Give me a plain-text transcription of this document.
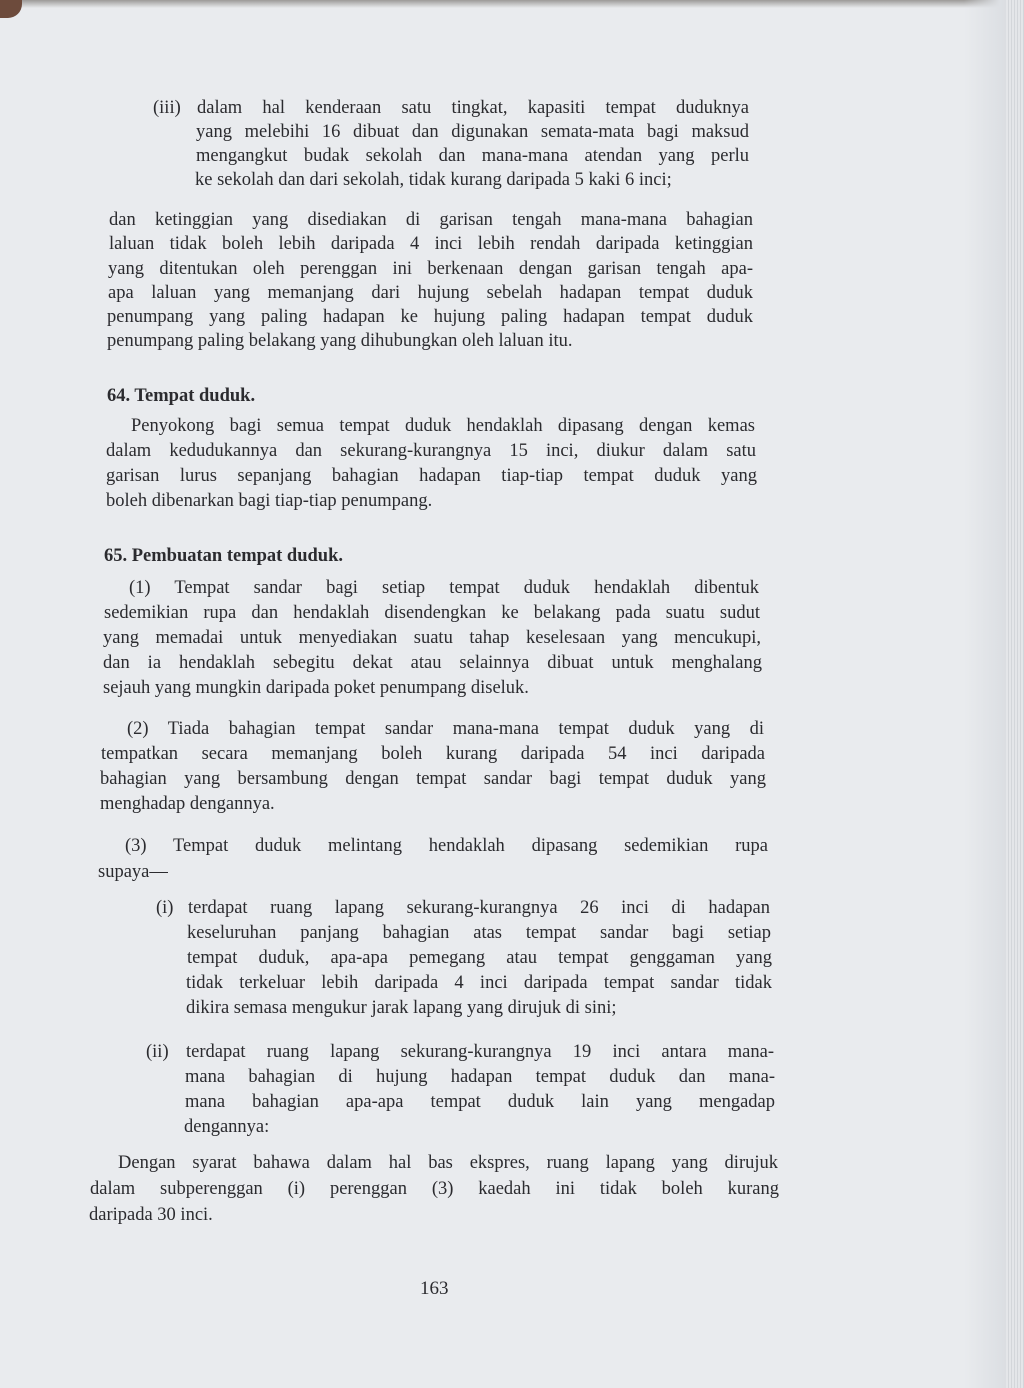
(iii) dalam hal kenderaan satu tingkat, kapasiti tempat duduknya
yang melebihi 16 dibuat dan digunakan semata-mata bagi maksud
mengangkut budak sekolah dan mana-mana atendan yang perlu
ke sekolah dan dari sekolah, tidak kurang daripada 5 kaki 6 inci;
dan ketinggian yang disediakan di garisan tengah mana-mana bahagian
laluan tidak boleh lebih daripada 4 inci lebih rendah daripada ketinggian
yang ditentukan oleh perenggan ini berkenaan dengan garisan tengah apa-
apa laluan yang memanjang dari hujung sebelah hadapan tempat duduk
penumpang yang paling hadapan ke hujung paling hadapan tempat duduk
penumpang paling belakang yang dihubungkan oleh laluan itu.
64. Tempat duduk.
Penyokong bagi semua tempat duduk hendaklah dipasang dengan kemas
dalam kedudukannya dan sekurang-kurangnya 15 inci, diukur dalam satu
garisan lurus sepanjang bahagian hadapan tiap-tiap tempat duduk yang
boleh dibenarkan bagi tiap-tiap penumpang.
65. Pembuatan tempat duduk.
(1) Tempat sandar bagi setiap tempat duduk hendaklah dibentuk
sedemikian rupa dan hendaklah disendengkan ke belakang pada suatu sudut
yang memadai untuk menyediakan suatu tahap keselesaan yang mencukupi,
dan ia hendaklah sebegitu dekat atau selainnya dibuat untuk menghalang
sejauh yang mungkin daripada poket penumpang diseluk.
(2) Tiada bahagian tempat sandar mana-mana tempat duduk yang di
tempatkan secara memanjang boleh kurang daripada 54 inci daripada
bahagian yang bersambung dengan tempat sandar bagi tempat duduk yang
menghadap dengannya.
(3) Tempat duduk melintang hendaklah dipasang sedemikian rupa
supaya—
(i) terdapat ruang lapang sekurang-kurangnya 26 inci di hadapan
keseluruhan panjang bahagian atas tempat sandar bagi setiap
tempat duduk, apa-apa pemegang atau tempat genggaman yang
tidak terkeluar lebih daripada 4 inci daripada tempat sandar tidak
dikira semasa mengukur jarak lapang yang dirujuk di sini;
(ii) terdapat ruang lapang sekurang-kurangnya 19 inci antara mana-
mana bahagian di hujung hadapan tempat duduk dan mana-
mana bahagian apa-apa tempat duduk lain yang mengadap
dengannya:
Dengan syarat bahawa dalam hal bas ekspres, ruang lapang yang dirujuk
dalam subperenggan (i) perenggan (3) kaedah ini tidak boleh kurang
daripada 30 inci.
163
